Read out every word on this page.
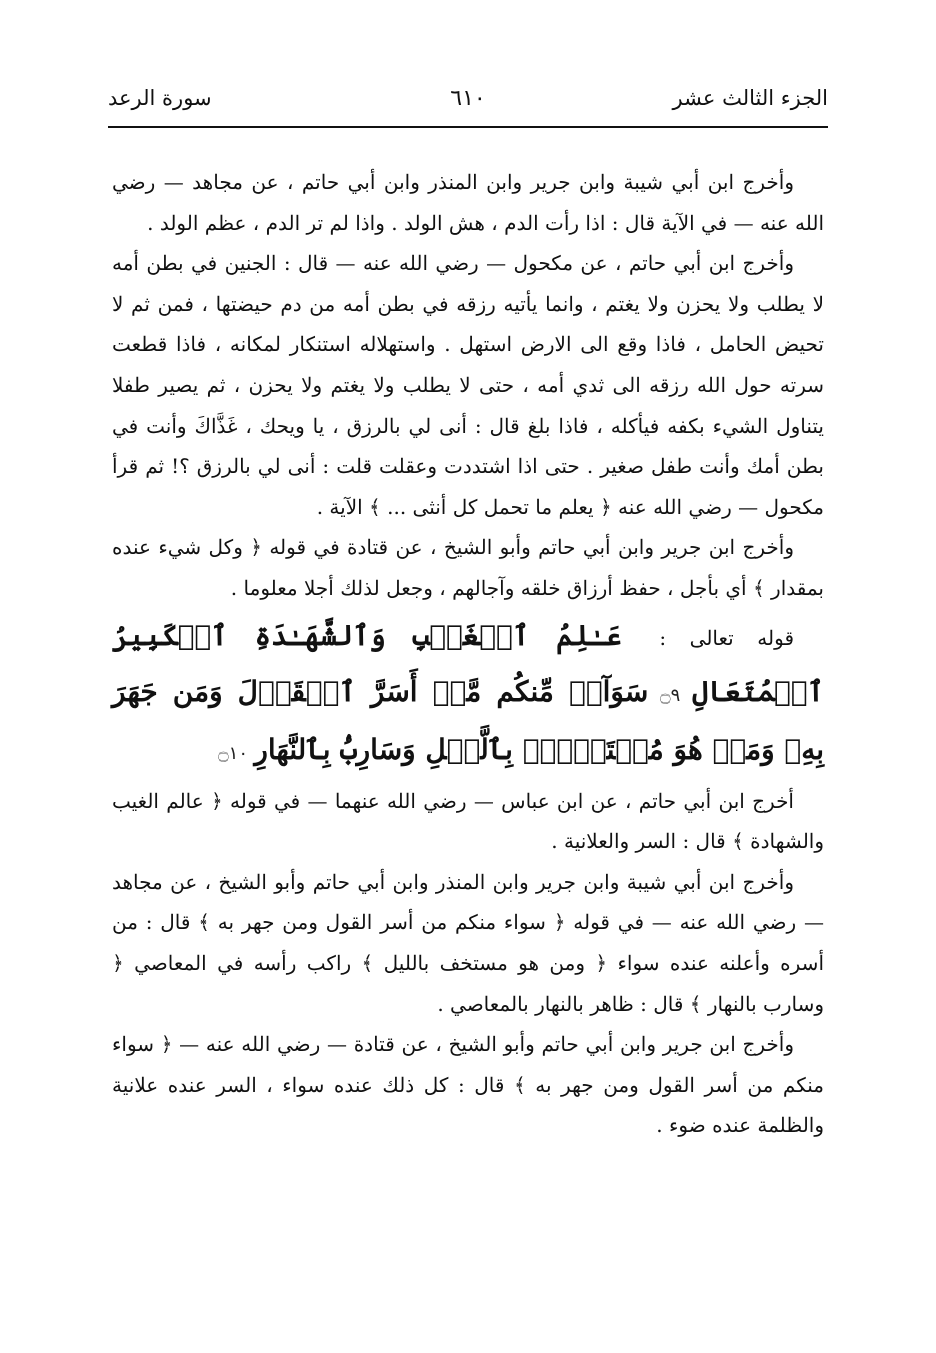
الجزء الثالث عشر
٦١٠
سورة الرعد

وأخرج ابن أبي شيبة وابن جرير وابن المنذر وابن أبي حاتم ، عن مجاهد — رضي الله عنه — في الآية قال : اذا رأت الدم ، هش الولد . واذا لم تر الدم ، عظم الولد .

وأخرج ابن أبي حاتم ، عن مكحول — رضي الله عنه — قال : الجنين في بطن أمه لا يطلب ولا يحزن ولا يغتم ، وانما يأتيه رزقه في بطن أمه من دم حيضتها ، فمن ثم لا تحيض الحامل ، فاذا وقع الى الارض استهل . واستهلاله استنكار لمكانه ، فاذا قطعت سرته حول الله رزقه الى ثدي أمه ، حتى لا يطلب ولا يغتم ولا يحزن ، ثم يصير طفلا يتناول الشيء بكفه فيأكله ، فاذا بلغ قال : أنى لي بالرزق ، يا ويحك ، غَذَّاكَ وأنت في بطن أمك وأنت طفل صغير . حتى اذا اشتددت وعقلت قلت : أنى لي بالرزق ؟! ثم قرأ مكحول — رضي الله عنه ﴿ يعلم ما تحمل كل أنثى ... ﴾ الآية .

وأخرج ابن جرير وابن أبي حاتم وأبو الشيخ ، عن قتادة في قوله ﴿ وكل شيء عنده بمقدار ﴾ أي بأجل ، حفظ أرزاق خلقه وآجالهم ، وجعل لذلك أجلا معلوما .

قوله تعالى : عَـٰلِمُ ٱلۡغَيۡبِ وَٱلشَّهَـٰدَةِ ٱلۡكَبِيرُ ٱلۡمُتَعَالِ ۝٩ سَوَآءٞ مِّنكُم مَّنۡ أَسَرَّ ٱلۡقَوۡلَ وَمَن جَهَرَ بِهِۦ وَمَنۡ هُوَ مُسۡتَخۡفِۭ بِٱلَّيۡلِ وَسَارِبُۢ بِٱلنَّهَارِ ۝١٠

أخرج ابن أبي حاتم ، عن ابن عباس — رضي الله عنهما — في قوله ﴿ عالم الغيب والشهادة ﴾ قال : السر والعلانية .

وأخرج ابن أبي شيبة وابن جرير وابن المنذر وابن أبي حاتم وأبو الشيخ ، عن مجاهد — رضي الله عنه — في قوله ﴿ سواء منكم من أسر القول ومن جهر به ﴾ قال : من أسره وأعلنه عنده سواء ﴿ ومن هو مستخف بالليل ﴾ راكب رأسه في المعاصي ﴿ وسارب بالنهار ﴾ قال : ظاهر بالنهار بالمعاصي .

وأخرج ابن جرير وابن أبي حاتم وأبو الشيخ ، عن قتادة — رضي الله عنه — ﴿ سواء منكم من أسر القول ومن جهر به ﴾ قال : كل ذلك عنده سواء ، السر عنده علانية والظلمة عنده ضوء .
